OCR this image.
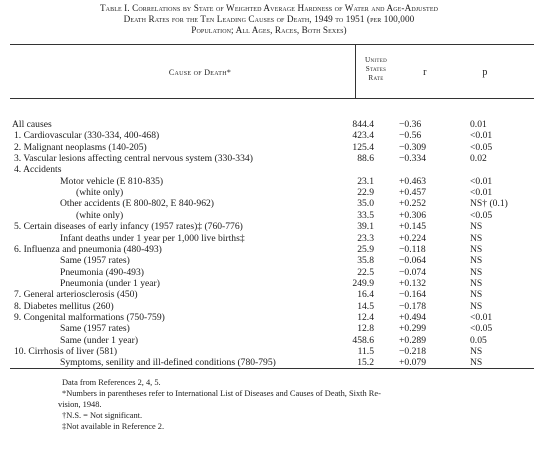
Table I. Correlations by State of Weighted Average Hardness of Water and Age-Adjusted
Death Rates for the Ten Leading Causes of Death, 1949 to 1951 (per 100,000
Population; All Ages, Races, Both Sexes)
Cause of Death*
United
States
Rate	r	p
All causes	844.4	−0.36	0.01
1. Cardiovascular (330-334, 400-468)	423.4	−0.56	<0.01
2. Malignant neoplasms (140-205)	125.4	−0.309	<0.05
3. Vascular lesions affecting central nervous system (330-334)	88.6	−0.334	0.02
4. Accidents
Motor vehicle (E 810-835)	23.1	+0.463	<0.01
(white only)	22.9	+0.457	<0.01
Other accidents (E 800-802, E 840-962)	35.0	+0.252	NS† (0.1)
(white only)	33.5	+0.306	<0.05
5. Certain diseases of early infancy (1957 rates)‡ (760-776)	39.1	+0.145	NS
Infant deaths under 1 year per 1,000 live births‡	23.3	+0.224	NS
6. Influenza and pneumonia (480-493)	25.9	−0.118	NS
Same (1957 rates)	35.8	−0.064	NS
Pneumonia (490-493)	22.5	−0.074	NS
Pneumonia (under 1 year)	249.9	+0.132	NS
7. General arteriosclerosis (450)	16.4	−0.164	NS
8. Diabetes mellitus (260)	14.5	−0.178	NS
9. Congenital malformations (750-759)	12.4	+0.494	<0.01
Same (1957 rates)	12.8	+0.299	<0.05
Same (under 1 year)	458.6	+0.289	0.05
10. Cirrhosis of liver (581)	11.5	−0.218	NS
Symptoms, senility and ill-defined conditions (780-795)	15.2	+0.079	NS
Data from References 2, 4, 5.
*Numbers in parentheses refer to International List of Diseases and Causes of Death, Sixth Re-
vision, 1948.
†N.S. = Not significant.
‡Not available in Reference 2.
